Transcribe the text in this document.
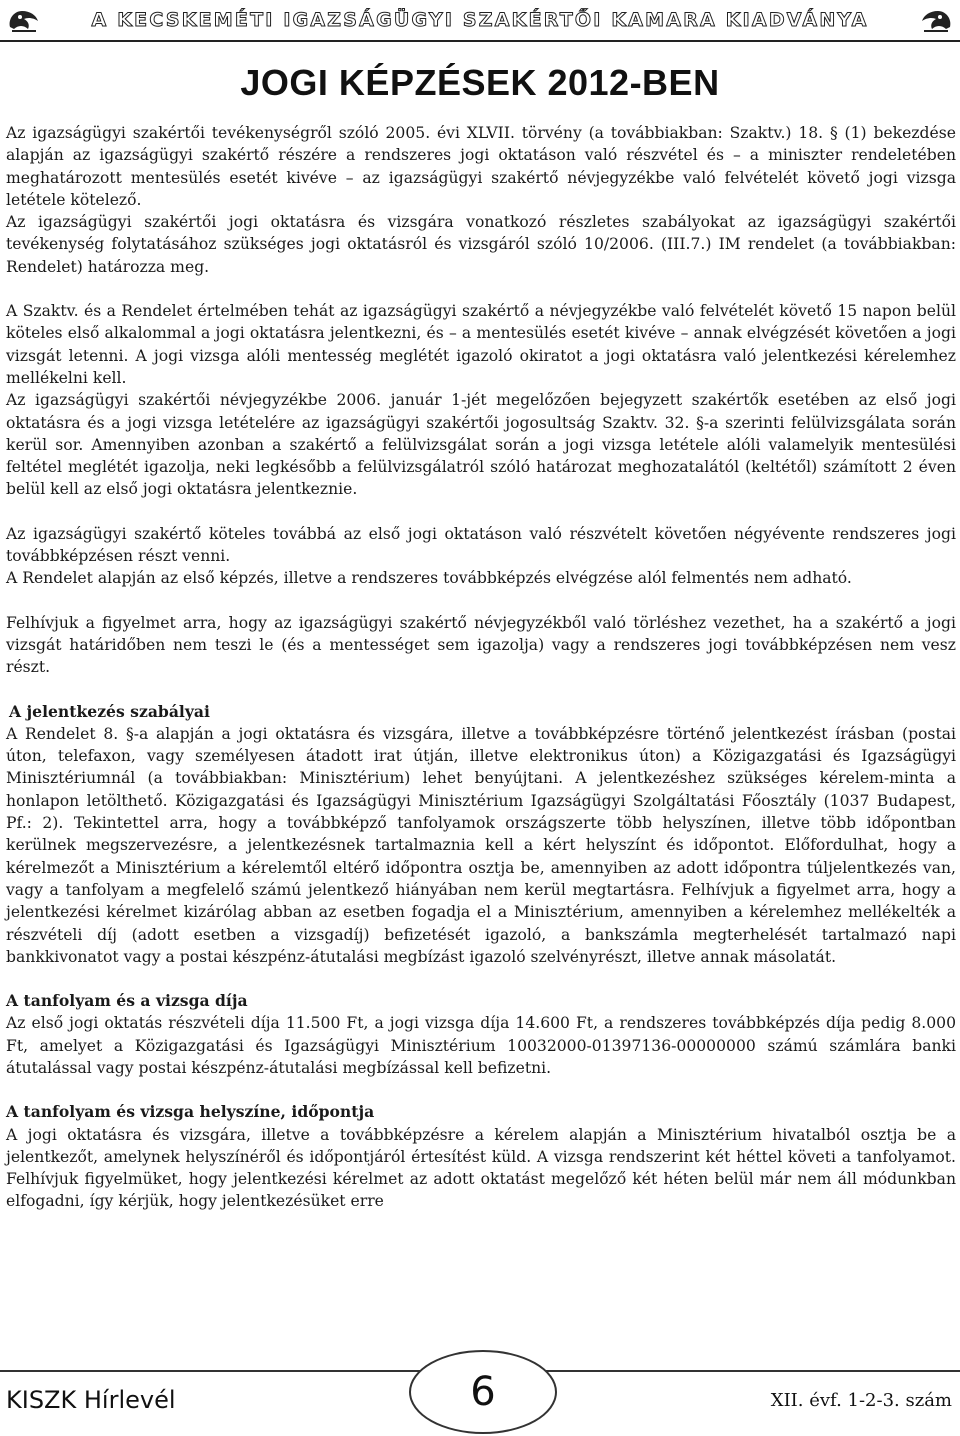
A KECSKEMÉTI IGAZSÁGÜGYI SZAKÉRTŐI KAMARA KIADVÁNYA
JOGI KÉPZÉSEK 2012-BEN

Az igazságügyi szakértői tevékenységről szóló 2005. évi XLVII. törvény (a továbbiakban: Szaktv.) 18. § (1) bekezdése alapján az igazságügyi szakértő részére a rendszeres jogi oktatáson való részvétel és – a miniszter rendeletében meghatározott mentesülés esetét kivéve – az igazságügyi szakértő névjegyzékbe való felvételét követő jogi vizsga letétele kötelező.

Az igazságügyi szakértői jogi oktatásra és vizsgára vonatkozó részletes szabályokat az igazságügyi szakértői tevékenység folytatásához szükséges jogi oktatásról és vizsgáról szóló 10/2006. (III.7.) IM rendelet (a továbbiakban: Rendelet) határozza meg.

A Szaktv. és a Rendelet értelmében tehát az igazságügyi szakértő a névjegyzékbe való felvételét követő 15 napon belül köteles első alkalommal a jogi oktatásra jelentkezni, és – a mentesülés esetét kivéve – annak elvégzését követően a jogi vizsgát letenni. A jogi vizsga alóli mentesség meglétét igazoló okiratot a jogi oktatásra való jelentkezési kérelemhez mellékelni kell.

Az igazságügyi szakértői névjegyzékbe 2006. január 1-jét megelőzően bejegyzett szakértők esetében az első jogi oktatásra és a jogi vizsga letételére az igazságügyi szakértői jogosultság Szaktv. 32. §-a szerinti felülvizsgálata során kerül sor. Amennyiben azonban a szakértő a felülvizsgálat során a jogi vizsga letétele alóli valamelyik mentesülési feltétel meglétét igazolja, neki legkésőbb a felülvizsgálatról szóló határozat meghozatalától (keltétől) számított 2 éven belül kell az első jogi oktatásra jelentkeznie.

Az igazságügyi szakértő köteles továbbá az első jogi oktatáson való részvételt követően négyévente rendszeres jogi továbbképzésen részt venni.

A Rendelet alapján az első képzés, illetve a rendszeres továbbképzés elvégzése alól felmentés nem adható.

Felhívjuk a figyelmet arra, hogy az igazságügyi szakértő névjegyzékből való törléshez vezethet, ha a szakértő a jogi vizsgát határidőben nem teszi le (és a mentességet sem igazolja) vagy a rendszeres jogi továbbképzésen nem vesz részt.

A jelentkezés szabályai

A Rendelet 8. §-a alapján a jogi oktatásra és vizsgára, illetve a továbbképzésre történő jelentkezést írásban (postai úton, telefaxon, vagy személyesen átadott irat útján, illetve elektronikus úton) a Közigazgatási és Igazságügyi Minisztériumnál (a továbbiakban: Minisztérium) lehet benyújtani. A jelentkezéshez szükséges kérelem-minta a honlapon letölthető. Közigazgatási és Igazságügyi Minisztérium Igazságügyi Szolgáltatási Főosztály (1037 Budapest, Pf.: 2). Tekintettel arra, hogy a továbbképző tanfolyamok országszerte több helyszínen, illetve több időpontban kerülnek megszervezésre, a jelentkezésnek tartalmaznia kell a kért helyszínt és időpontot. Előfordulhat, hogy a kérelmezőt a Minisztérium a kérelemtől eltérő időpontra osztja be, amennyiben az adott időpontra túljelentkezés van, vagy a tanfolyam a megfelelő számú jelentkező hiányában nem kerül megtartásra. Felhívjuk a figyelmet arra, hogy a jelentkezési kérelmet kizárólag abban az esetben fogadja el a Minisztérium, amennyiben a kérelemhez mellékelték a részvételi díj (adott esetben a vizsgadíj) befizetését igazoló, a bankszámla megterhelését tartalmazó napi bankkivonatot vagy a postai készpénz-átutalási megbízást igazoló szelvényrészt, illetve annak másolatát.

A tanfolyam és a vizsga díja

Az első jogi oktatás részvételi díja 11.500 Ft, a jogi vizsga díja 14.600 Ft, a rendszeres továbbképzés díja pedig 8.000 Ft, amelyet a Közigazgatási és Igazságügyi Minisztérium 10032000-01397136-00000000 számú számlára banki átutalással vagy postai készpénz-átutalási megbízással kell befizetni.

A tanfolyam és vizsga helyszíne, időpontja

A jogi oktatásra és vizsgára, illetve a továbbképzésre a kérelem alapján a Minisztérium hivatalból osztja be a jelentkezőt, amelynek helyszínéről és időpontjáról értesítést küld. A vizsga rendszerint két héttel követi a tanfolyamot. Felhívjuk figyelmüket, hogy jelentkezési kérelmet az adott oktatást megelőző két héten belül már nem áll módunkban elfogadni, így kérjük, hogy jelentkezésüket erre

KISZK Hírlevél	6	XII. évf. 1-2-3. szám
